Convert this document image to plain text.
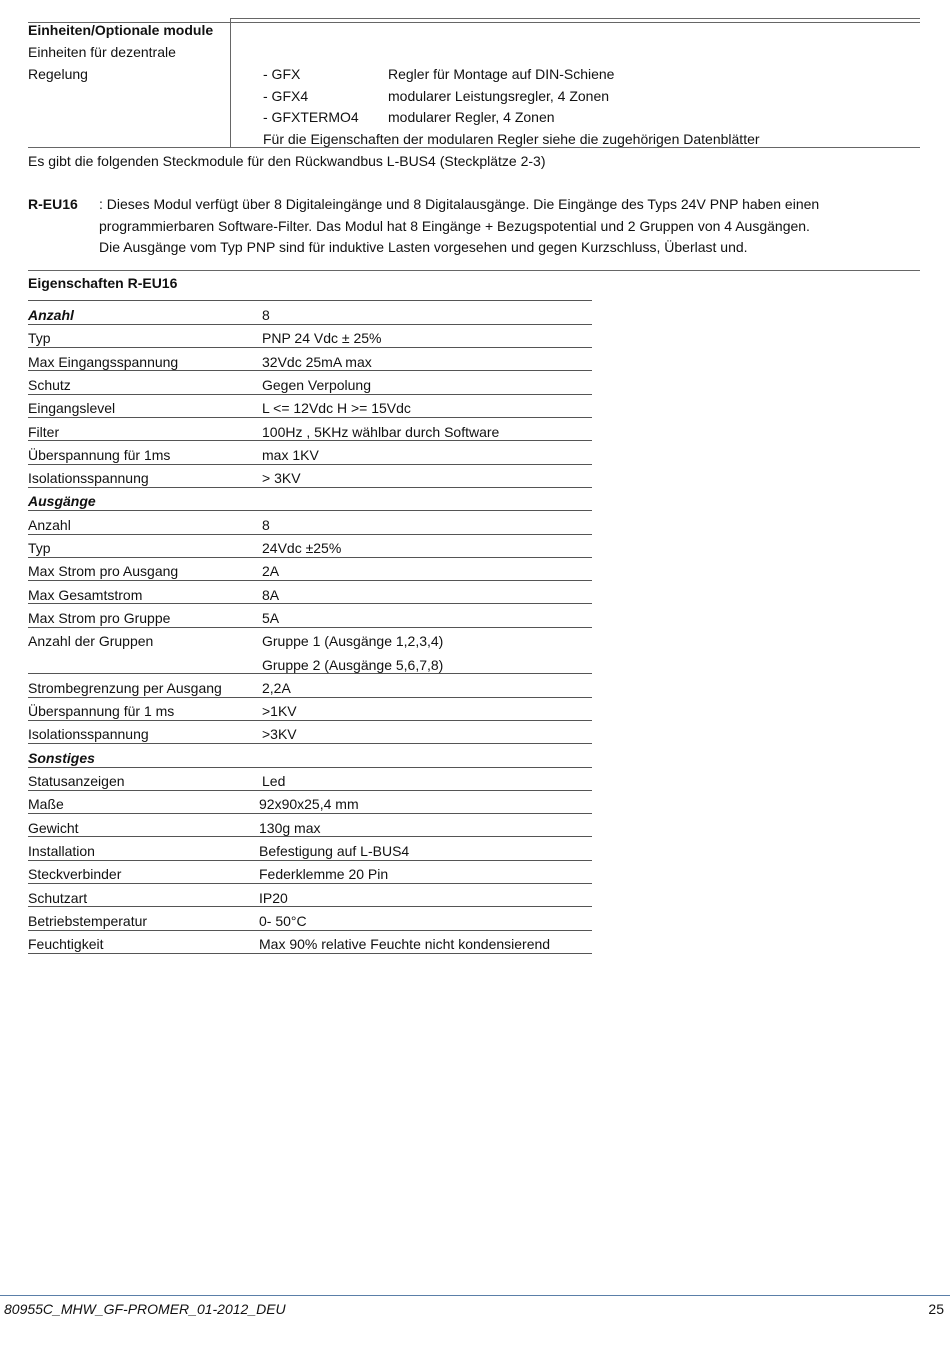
Einheiten/Optionale module
Einheiten für dezentrale
Regelung	- GFX	Regler für Montage auf DIN-Schiene
- GFX4	modularer Leistungsregler, 4 Zonen
- GFXTERMO4 modularer Regler, 4 Zonen
Für die Eigenschaften der modularen Regler siehe die zugehörigen Datenblätter
Es gibt die folgenden Steckmodule für den Rückwandbus L-BUS4 (Steckplätze 2-3)
R-EU16 : Dieses Modul verfügt über 8 Digitaleingänge und 8 Digitalausgänge. Die Eingänge des Typs 24V PNP haben einen
programmierbaren Software-Filter. Das Modul hat 8 Eingänge + Bezugspotential und 2 Gruppen von 4 Ausgängen.
Die Ausgänge vom Typ PNP sind für induktive Lasten vorgesehen und gegen Kurzschluss, Überlast und.
Eigenschaften R-EU16
Anzahl	8
Typ	PNP 24 Vdc ± 25%
Max Eingangsspannung	32Vdc 25mA max
Schutz	Gegen Verpolung
Eingangslevel	L <= 12Vdc H >= 15Vdc
Filter	100Hz , 5KHz wählbar durch Software
Überspannung für 1ms	max 1KV
Isolationsspannung	> 3KV
Ausgänge
Anzahl	8
Typ	24Vdc ±25%
Max Strom pro Ausgang	2A
Max Gesamtstrom	8A
Max Strom pro Gruppe	5A
Anzahl der Gruppen	Gruppe 1 (Ausgänge 1,2,3,4)
Gruppe 2 (Ausgänge 5,6,7,8)
Strombegrenzung per Ausgang	2,2A
Überspannung für 1 ms	>1KV
Isolationsspannung	>3KV
Sonstiges
Statusanzeigen	Led
Maße	92x90x25,4 mm
Gewicht	130g max
Installation	Befestigung auf L-BUS4
Steckverbinder	Federklemme 20 Pin
Schutzart	IP20
Betriebstemperatur	0- 50°C
Feuchtigkeit	Max 90% relative Feuchte nicht kondensierend
80955C_MHW_GF-PROMER_01-2012_DEU	25
